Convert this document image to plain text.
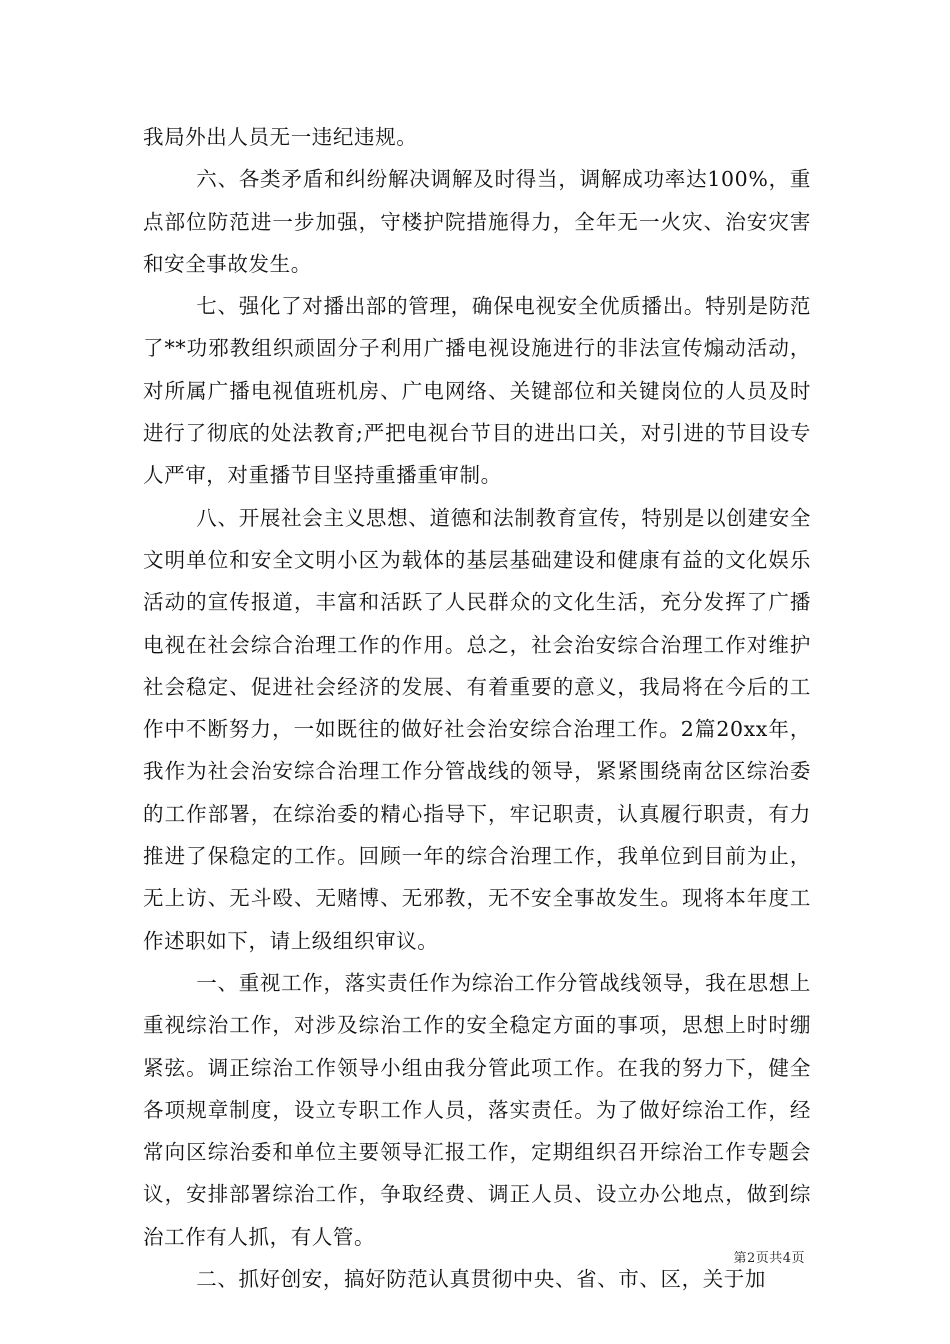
我局外出人员无一违纪违规。

六、各类矛盾和纠纷解决调解及时得当，调解成功率达100%，重点部位防范进一步加强，守楼护院措施得力，全年无一火灾、治安灾害和安全事故发生。

七、强化了对播出部的管理，确保电视安全优质播出。特别是防范了**功邪教组织顽固分子利用广播电视设施进行的非法宣传煽动活动，对所属广播电视值班机房、广电网络、关键部位和关键岗位的人员及时进行了彻底的处法教育;严把电视台节目的进出口关，对引进的节目设专人严审，对重播节目坚持重播重审制。

八、开展社会主义思想、道德和法制教育宣传，特别是以创建安全文明单位和安全文明小区为载体的基层基础建设和健康有益的文化娱乐活动的宣传报道，丰富和活跃了人民群众的文化生活，充分发挥了广播电视在社会综合治理工作的作用。总之，社会治安综合治理工作对维护社会稳定、促进社会经济的发展、有着重要的意义，我局将在今后的工作中不断努力，一如既往的做好社会治安综合治理工作。2篇20xx年，我作为社会治安综合治理工作分管战线的领导，紧紧围绕南岔区综治委的工作部署，在综治委的精心指导下，牢记职责，认真履行职责，有力推进了保稳定的工作。回顾一年的综合治理工作，我单位到目前为止，无上访、无斗殴、无赌博、无邪教，无不安全事故发生。现将本年度工作述职如下，请上级组织审议。

一、重视工作，落实责任作为综治工作分管战线领导，我在思想上重视综治工作，对涉及综治工作的安全稳定方面的事项，思想上时时绷紧弦。调正综治工作领导小组由我分管此项工作。在我的努力下，健全各项规章制度，设立专职工作人员，落实责任。为了做好综治工作，经常向区综治委和单位主要领导汇报工作，定期组织召开综治工作专题会议，安排部署综治工作，争取经费、调正人员、设立办公地点，做到综治工作有人抓，有人管。

二、抓好创安，搞好防范认真贯彻中央、省、市、区，关于加

第2页共4页
